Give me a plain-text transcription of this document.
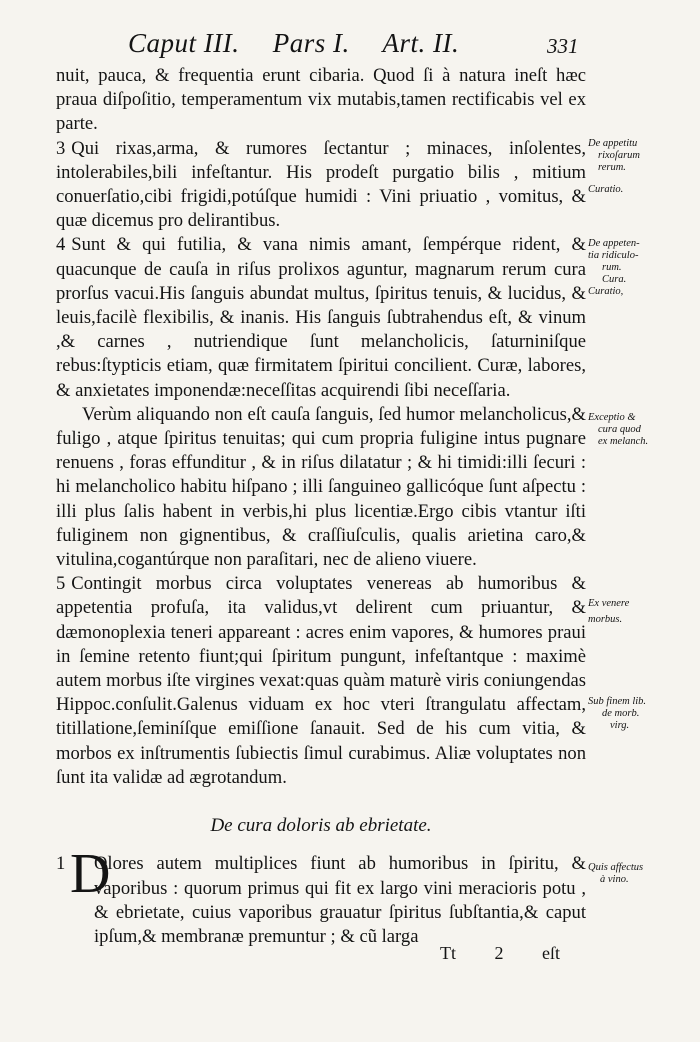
Caput III. Pars I. Art. II.	331

nuit, pauca, & frequentia erunt cibaria. Quod ſi à natura ineſt hæc praua diſpoſitio, temperamentum vix mutabis,tamen rectificabis vel ex parte.

3 Qui rixas,arma, & rumores ſectantur ; minaces, inſolentes, intolerabiles,bili infeſtantur. His prodeſt purgatio bilis , mitium conuerſatio,cibi frigidi,potúſque humidi : Vini priuatio , vomitus, & quæ dicemus pro delirantibus.

4 Sunt & qui futilia, & vana nimis amant, ſempérque rident, & quacunque de cauſa in riſus prolixos aguntur, magnarum rerum cura prorſus vacui.His ſanguis abundat multus, ſpiritus tenuis, & lucidus, & leuis,facilè flexibilis, & inanis. His ſanguis ſubtrahendus eſt, & vinum ,& carnes , nutriendique ſunt melancholicis, ſaturniniſque rebus:ſtypticis etiam, quæ firmitatem ſpiritui concilient. Curæ, labores, & anxietates imponendæ:neceſſitas acquirendi ſibi neceſſaria.

Verùm aliquando non eſt cauſa ſanguis, ſed humor melancholicus,& fuligo , atque ſpiritus tenuitas; qui cum propria fuligine intus pugnare renuens , foras effunditur , & in riſus dilatatur ; & hi timidi:illi ſecuri : hi melancholico habitu hiſpano ; illi ſanguineo gallicóque ſunt aſpectu : illi plus ſalis habent in verbis,hi plus licentiæ.Ergo cibis vtantur iſti fuliginem non gignentibus, & craſſiuſculis, qualis arietina caro,& vitulina,cogantúrque non paraſitari, nec de alieno viuere.

5 Contingit morbus circa voluptates venereas ab humoribus & appetentia profuſa, ita validus,vt delirent cum priuantur, & dæmonoplexia teneri appareant : acres enim vapores, & humores praui in ſemine retento fiunt;qui ſpiritum pungunt, infeſtantque : maximè autem morbus iſte virgines vexat:quas quàm maturè viris coniungendas Hippoc.conſulit.Galenus viduam ex hoc vteri ſtrangulatu affectam, titillatione,ſeminíſque emiſſione ſanauit. Sed de his cum vitia, & morbos ex inſtrumentis ſubiectis ſimul curabimus. Aliæ voluptates non ſunt ita validæ ad ægrotandum.

De cura doloris ab ebrietate.

1 D
Olores autem multiplices fiunt ab humoribus in ſpiritu, & vaporibus : quorum primus qui fit ex largo vini meracioris potu , & ebrietate, cuius vaporibus grauatur ſpiritus ſubſtantia,& caput ipſum,& membranæ premuntur ; & cũ larga

Tt 2 eſt
De appetitu
rixoſarum
rerum.
Curatio.
De appeten-
tia ridiculo-
rum.
Cura.
Curatio,
Exceptio &
cura quod
ex melanch.
Ex venere
morbus.
Sub finem lib.
de morb.
virg.
Quis affectus
à vino.
